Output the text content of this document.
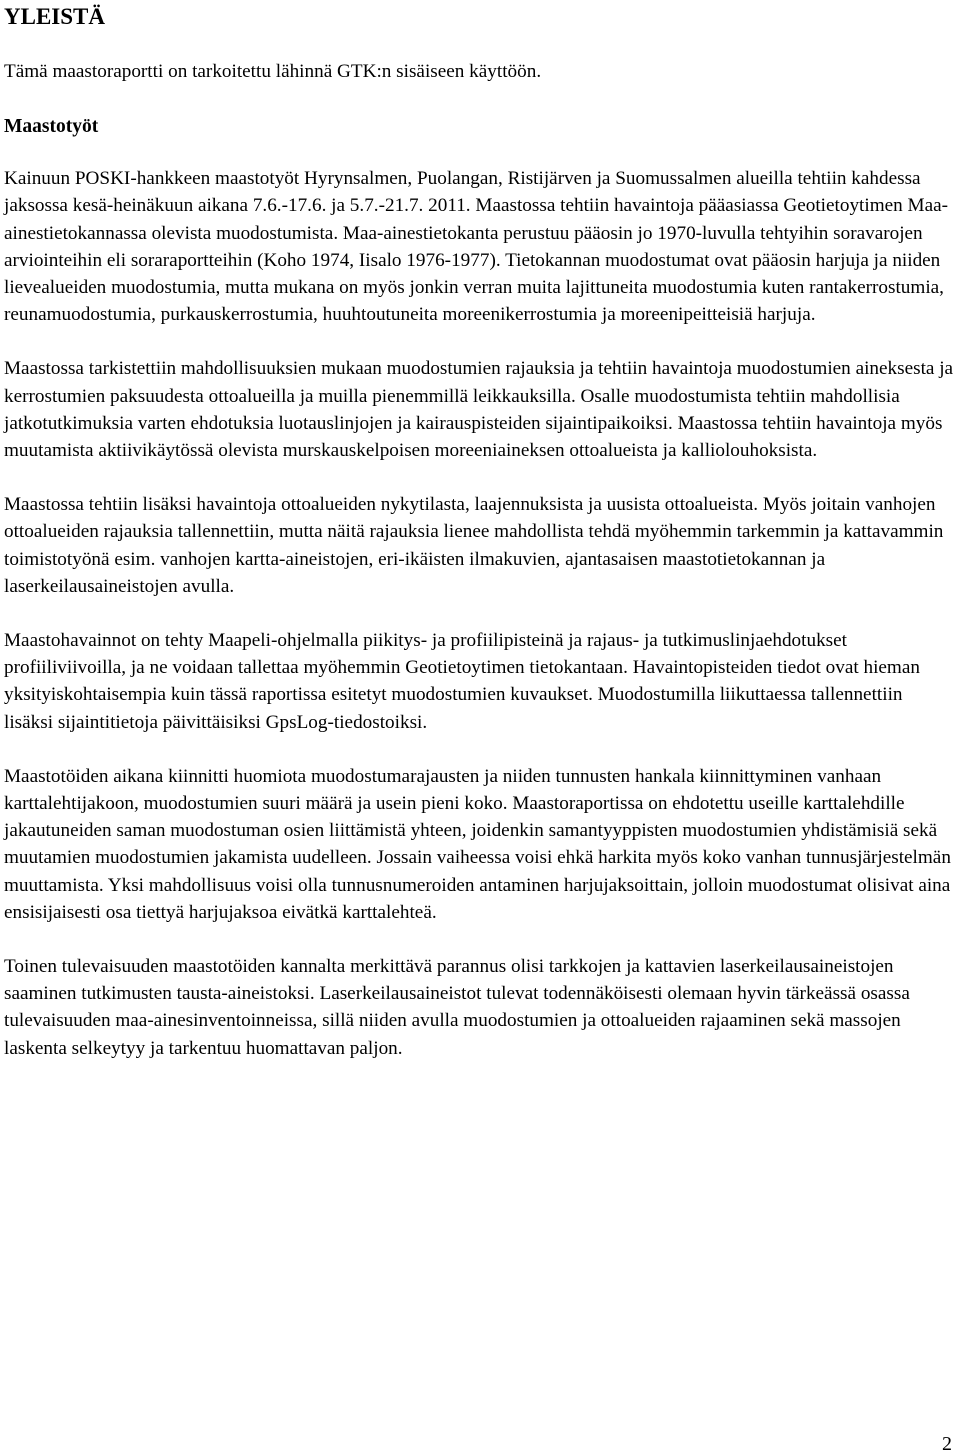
YLEISTÄ

Tämä maastoraportti on tarkoitettu lähinnä GTK:n sisäiseen käyttöön.

Maastotyöt

Kainuun POSKI-hankkeen maastotyöt Hyrynsalmen, Puolangan, Ristijärven ja Suomussalmen alueilla tehtiin kahdessa jaksossa kesä-heinäkuun aikana 7.6.-17.6. ja 5.7.-21.7. 2011. Maastossa tehtiin havaintoja pääasiassa Geotietoytimen Maa-ainestietokannassa olevista muodostumista. Maa-ainestietokanta perustuu pääosin jo 1970-luvulla tehtyihin soravarojen arviointeihin eli soraraportteihin (Koho 1974, Iisalo 1976-1977). Tietokannan muodostumat ovat pääosin harjuja ja niiden lievealueiden muodostumia, mutta mukana on myös jonkin verran muita lajittuneita muodostumia kuten rantakerrostumia, reunamuodostumia, purkauskerrostumia, huuhtoutuneita moreenikerrostumia ja moreenipeitteisiä harjuja.

Maastossa tarkistettiin mahdollisuuksien mukaan muodostumien rajauksia ja tehtiin havaintoja muodostumien aineksesta ja kerrostumien paksuudesta ottoalueilla ja muilla pienemmillä leikkauksilla. Osalle muodostumista tehtiin mahdollisia jatkotutkimuksia varten ehdotuksia luotauslinjojen ja kairauspisteiden sijaintipaikoiksi. Maastossa tehtiin havaintoja myös muutamista aktiivikäytössä olevista murskauskelpoisen moreeniaineksen ottoalueista ja kalliolouhoksista.

Maastossa tehtiin lisäksi havaintoja ottoalueiden nykytilasta, laajennuksista ja uusista ottoalueista. Myös joitain vanhojen ottoalueiden rajauksia tallennettiin, mutta näitä rajauksia lienee mahdollista tehdä myöhemmin tarkemmin ja kattavammin toimistotyönä esim. vanhojen kartta-aineistojen, eri-ikäisten ilmakuvien, ajantasaisen maastotietokannan ja laserkeilausaineistojen avulla.

Maastohavainnot on tehty Maapeli-ohjelmalla piikitys- ja profiilipisteinä ja rajaus- ja tutkimuslinjaehdotukset profiiliviivoilla, ja ne voidaan tallettaa myöhemmin Geotietoytimen tietokantaan. Havaintopisteiden tiedot ovat hieman yksityiskohtaisempia kuin tässä raportissa esitetyt muodostumien kuvaukset. Muodostumilla liikuttaessa tallennettiin lisäksi sijaintitietoja päivittäisiksi GpsLog-tiedostoiksi.

Maastotöiden aikana kiinnitti huomiota muodostumarajausten ja niiden tunnusten hankala kiinnittyminen vanhaan karttalehtijakoon, muodostumien suuri määrä ja usein pieni koko. Maastoraportissa on ehdotettu useille karttalehdille jakautuneiden saman muodostuman osien liittämistä yhteen, joidenkin samantyyppisten muodostumien yhdistämisiä sekä muutamien muodostumien jakamista uudelleen. Jossain vaiheessa voisi ehkä harkita myös koko vanhan tunnusjärjestelmän muuttamista. Yksi mahdollisuus voisi olla tunnusnumeroiden antaminen harjujaksoittain, jolloin muodostumat olisivat aina ensisijaisesti osa tiettyä harjujaksoa eivätkä karttalehteä.

Toinen tulevaisuuden maastotöiden kannalta merkittävä parannus olisi tarkkojen ja kattavien laserkeilausaineistojen saaminen tutkimusten tausta-aineistoksi. Laserkeilausaineistot tulevat todennäköisesti olemaan hyvin tärkeässä osassa tulevaisuuden maa-ainesinventoinneissa, sillä niiden avulla muodostumien ja ottoalueiden rajaaminen sekä massojen laskenta selkeytyy ja tarkentuu huomattavan paljon.

2
